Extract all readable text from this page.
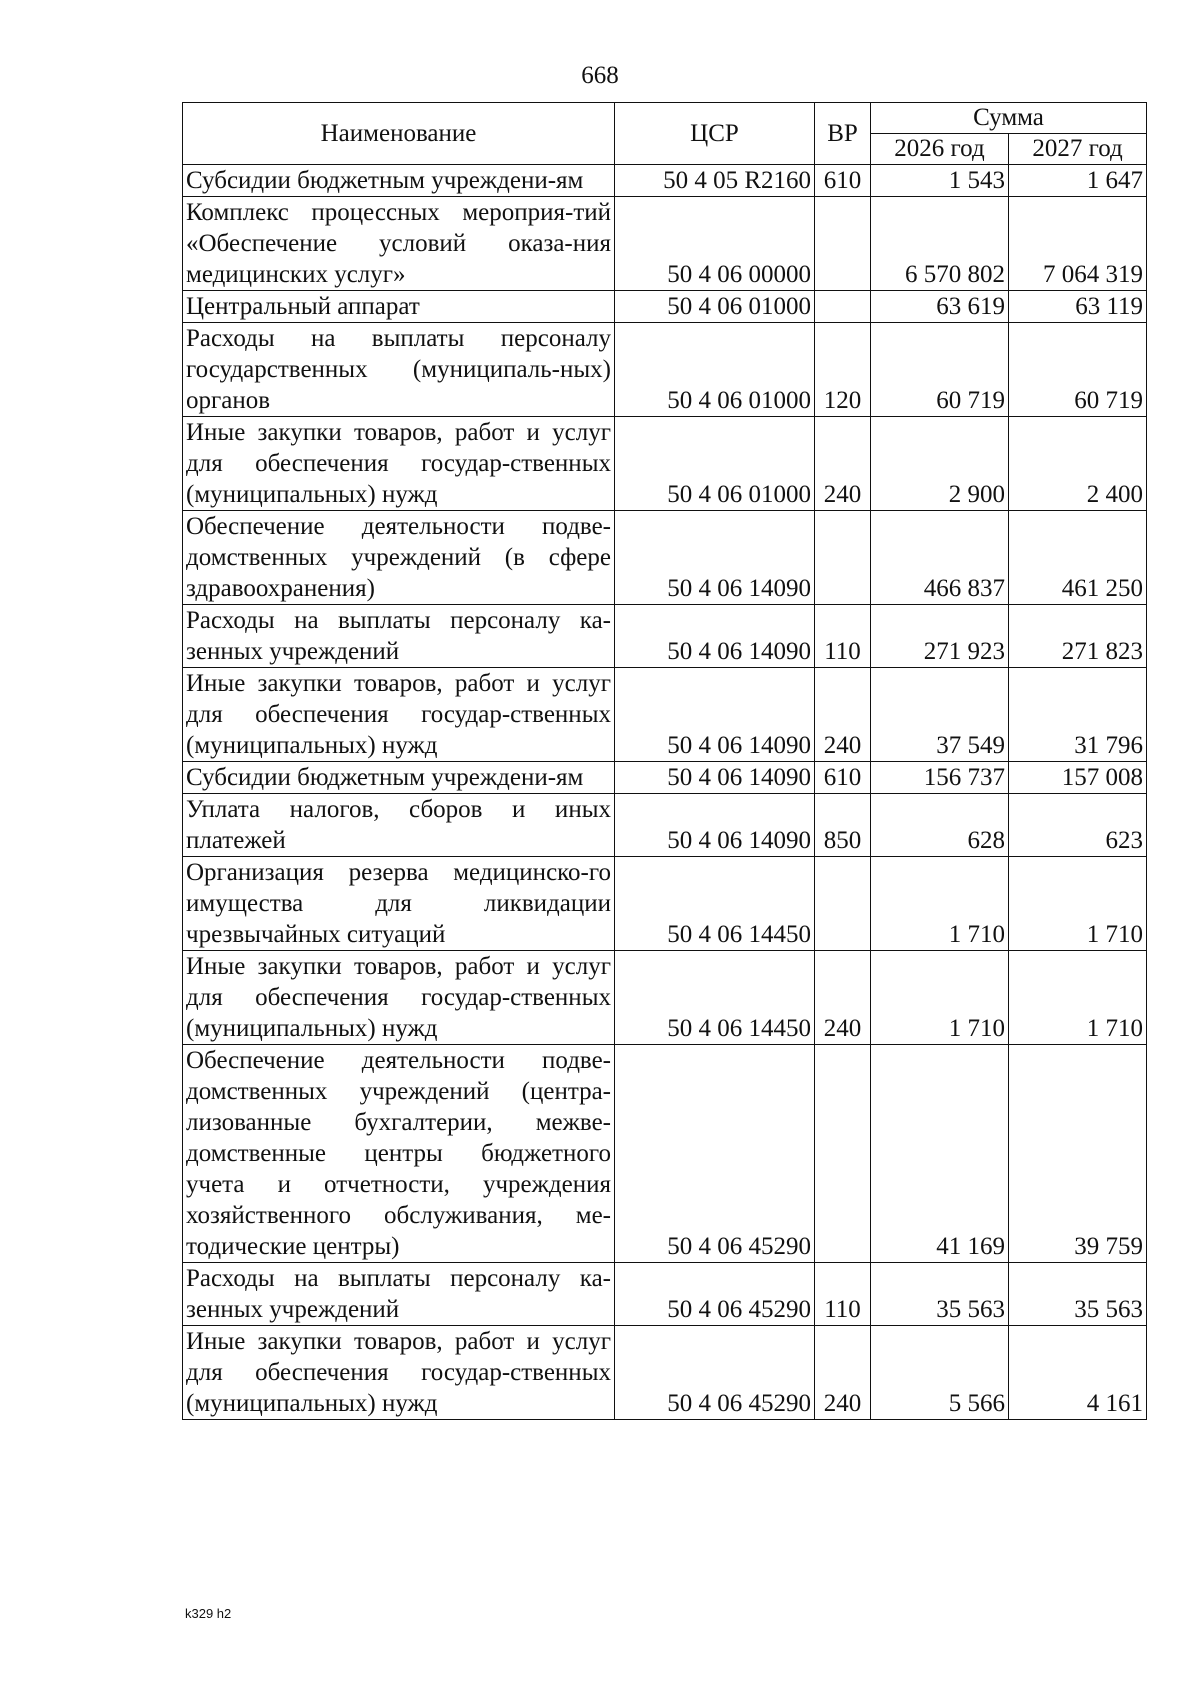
668
Наименование	ЦСР	ВР	Сумма	
			2026 год	2027 год
Субсидии бюджетным учреждени-ям	50 4 05 R2160	610	1 543	1 647
Комплекс процессных мероприя-тий «Обеспечение условий оказа-ния медицинских услуг»	50 4 06 00000		6 570 802	7 064 319
Центральный аппарат	50 4 06 01000		63 619	63 119
Расходы на выплаты персоналу государственных (муниципаль-ных) органов	50 4 06 01000	120	60 719	60 719
Иные закупки товаров, работ и услуг для обеспечения государ-ственных (муниципальных) нужд	50 4 06 01000	240	2 900	2 400
Обеспечение деятельности подве-домственных учреждений (в сфере здравоохранения)	50 4 06 14090		466 837	461 250
Расходы на выплаты персоналу ка-зенных учреждений	50 4 06 14090	110	271 923	271 823
Иные закупки товаров, работ и услуг для обеспечения государ-ственных (муниципальных) нужд	50 4 06 14090	240	37 549	31 796
Субсидии бюджетным учреждени-ям	50 4 06 14090	610	156 737	157 008
Уплата налогов, сборов и иных платежей	50 4 06 14090	850	628	623
Организация резерва медицинско-го имущества для ликвидации чрезвычайных ситуаций	50 4 06 14450		1 710	1 710
Иные закупки товаров, работ и услуг для обеспечения государ-ственных (муниципальных) нужд	50 4 06 14450	240	1 710	1 710
Обеспечение деятельности подве-домственных учреждений (центра-лизованные бухгалтерии, межве-домственные центры бюджетного учета и отчетности, учреждения хозяйственного обслуживания, ме-тодические центры)	50 4 06 45290		41 169	39 759
Расходы на выплаты персоналу ка-зенных учреждений	50 4 06 45290	110	35 563	35 563
Иные закупки товаров, работ и услуг для обеспечения государ-ственных (муниципальных) нужд	50 4 06 45290	240	5 566	4 161
k329 h2
